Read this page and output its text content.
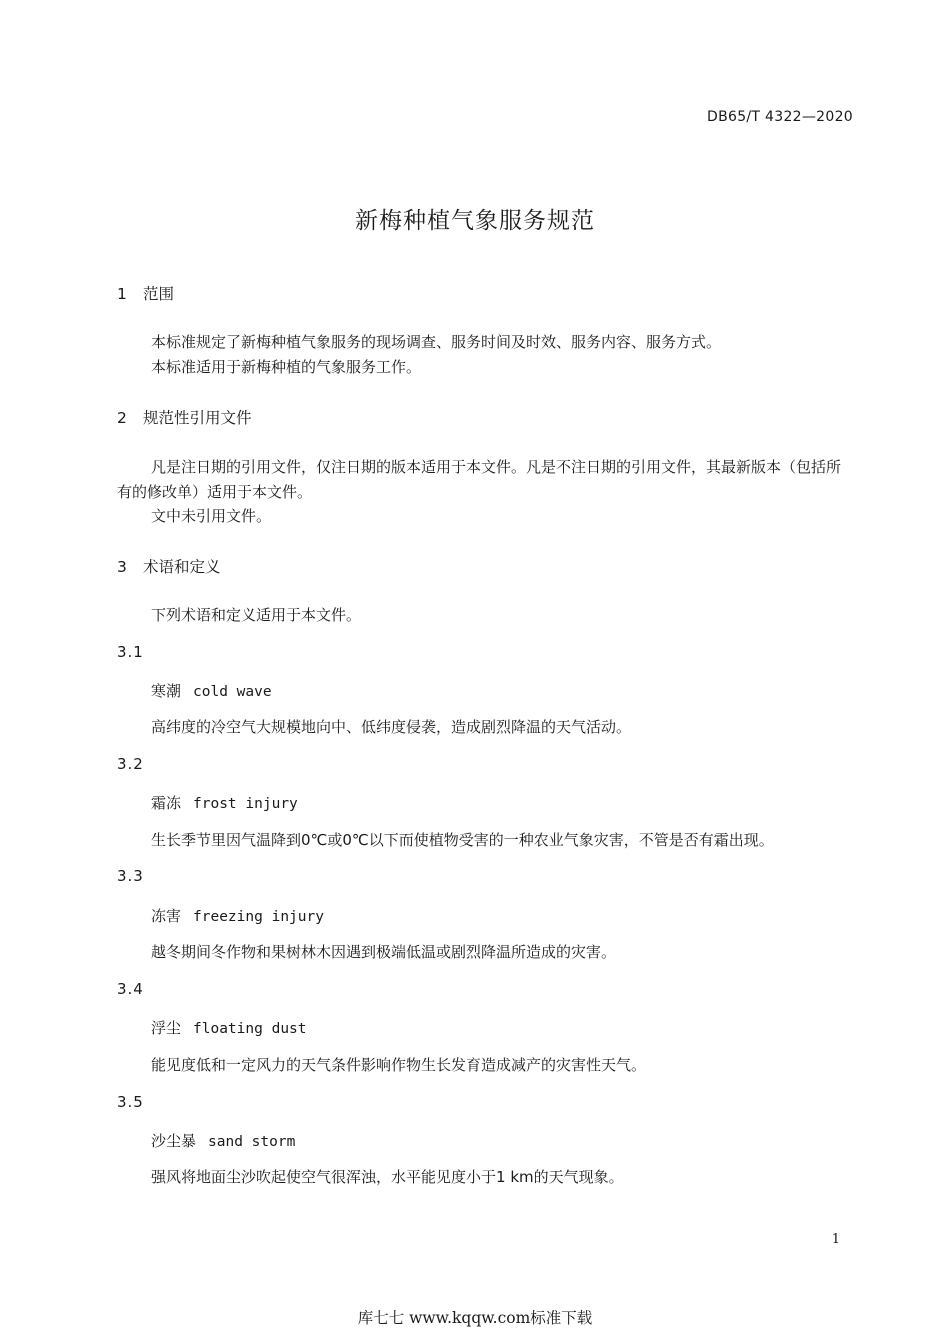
DB65/T 4322—2020
新梅种植气象服务规范
1 范围
本标准规定了新梅种植气象服务的现场调查、服务时间及时效、服务内容、服务方式。
本标准适用于新梅种植的气象服务工作。
2 规范性引用文件
凡是注日期的引用文件，仅注日期的版本适用于本文件。凡是不注日期的引用文件，其最新版本（包括所有的修改单）适用于本文件。
文中未引用文件。
3 术语和定义
下列术语和定义适用于本文件。
3.1
寒潮 cold wave
高纬度的冷空气大规模地向中、低纬度侵袭，造成剧烈降温的天气活动。
3.2
霜冻 frost injury
生长季节里因气温降到0℃或0℃以下而使植物受害的一种农业气象灾害，不管是否有霜出现。
3.3
冻害 freezing injury
越冬期间冬作物和果树林木因遇到极端低温或剧烈降温所造成的灾害。
3.4
浮尘 floating dust
能见度低和一定风力的天气条件影响作物生长发育造成减产的灾害性天气。
3.5
沙尘暴 sand storm
强风将地面尘沙吹起使空气很浑浊，水平能见度小于1 km的天气现象。
1
库七七 www.kqqw.com标准下载
